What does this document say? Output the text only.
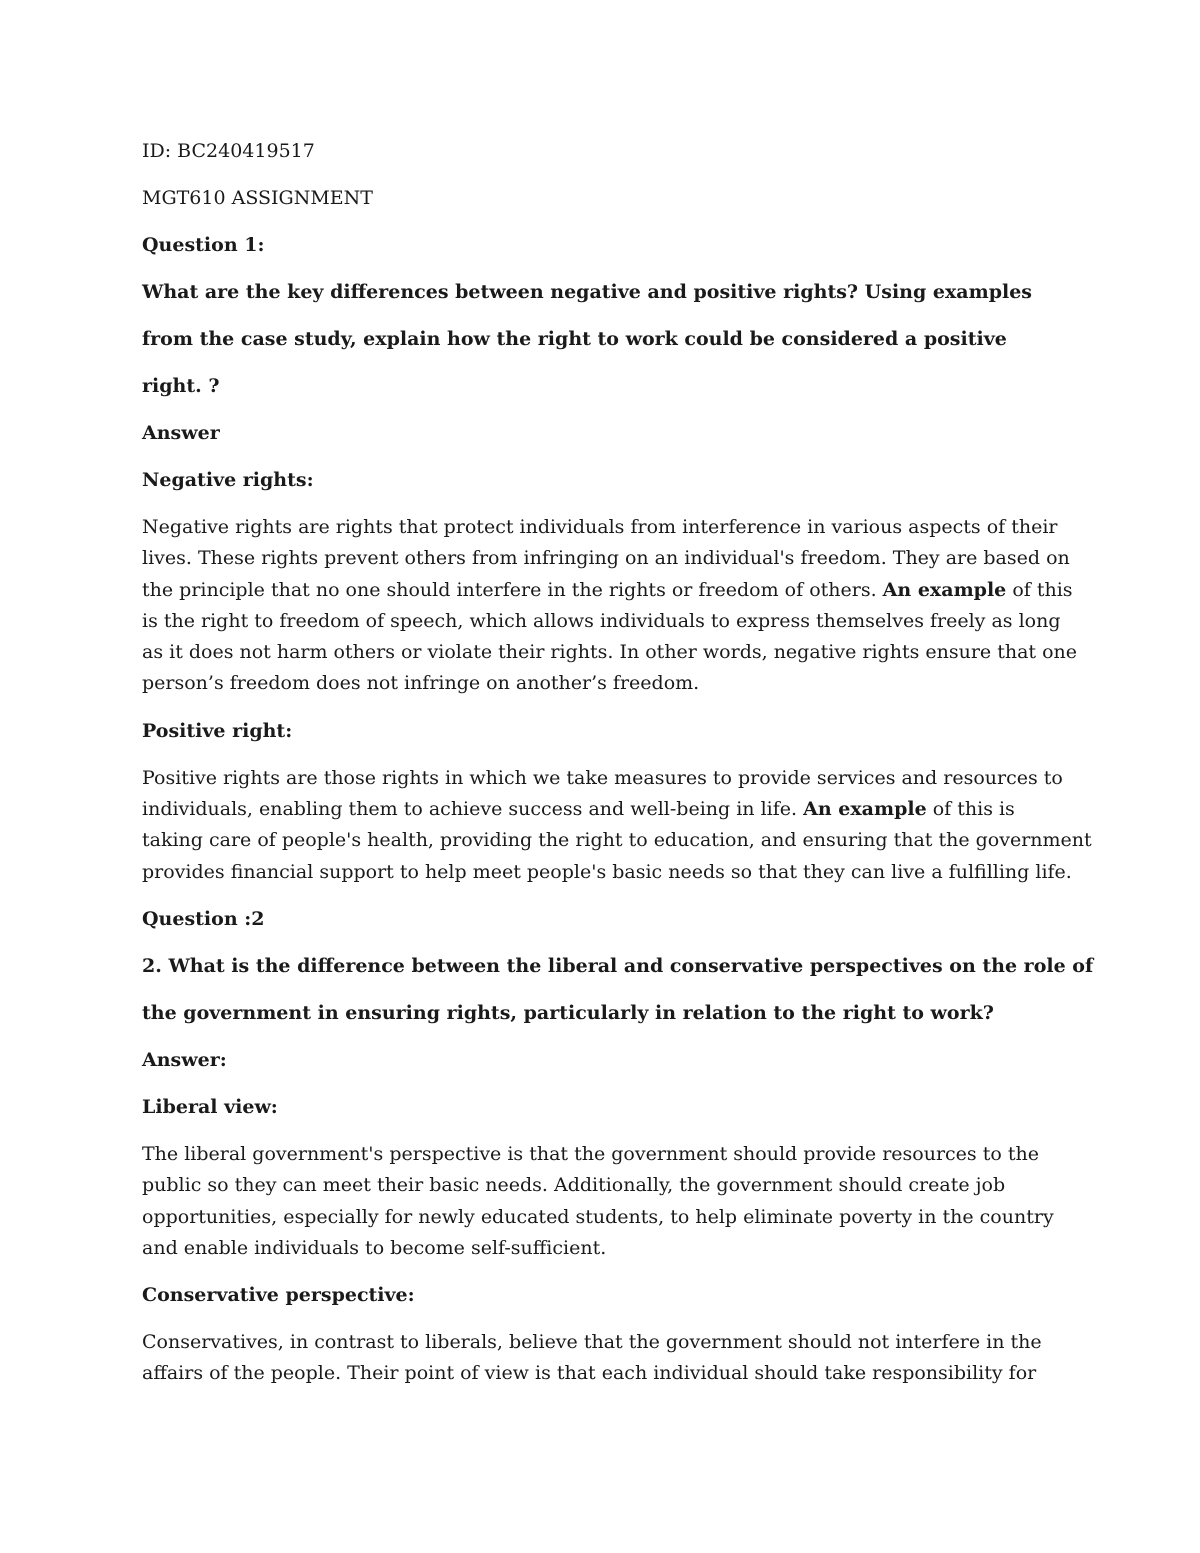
ID: BC240419517

MGT610 ASSIGNMENT

Question 1:

What are the key differences between negative and positive rights? Using examples

from the case study, explain how the right to work could be considered a positive

right. ?

Answer

Negative rights:

Negative rights are rights that protect individuals from interference in various aspects of their
lives. These rights prevent others from infringing on an individual's freedom. They are based on
the principle that no one should interfere in the rights or freedom of others. An example of this
is the right to freedom of speech, which allows individuals to express themselves freely as long
as it does not harm others or violate their rights. In other words, negative rights ensure that one
person’s freedom does not infringe on another’s freedom.

Positive right:

Positive rights are those rights in which we take measures to provide services and resources to
individuals, enabling them to achieve success and well-being in life. An example of this is
taking care of people's health, providing the right to education, and ensuring that the government
provides financial support to help meet people's basic needs so that they can live a fulfilling life.

Question :2

2. What is the difference between the liberal and conservative perspectives on the role of

the government in ensuring rights, particularly in relation to the right to work?

Answer:

Liberal view:

The liberal government's perspective is that the government should provide resources to the
public so they can meet their basic needs. Additionally, the government should create job
opportunities, especially for newly educated students, to help eliminate poverty in the country
and enable individuals to become self-sufficient.

Conservative perspective:

Conservatives, in contrast to liberals, believe that the government should not interfere in the
affairs of the people. Their point of view is that each individual should take responsibility for
